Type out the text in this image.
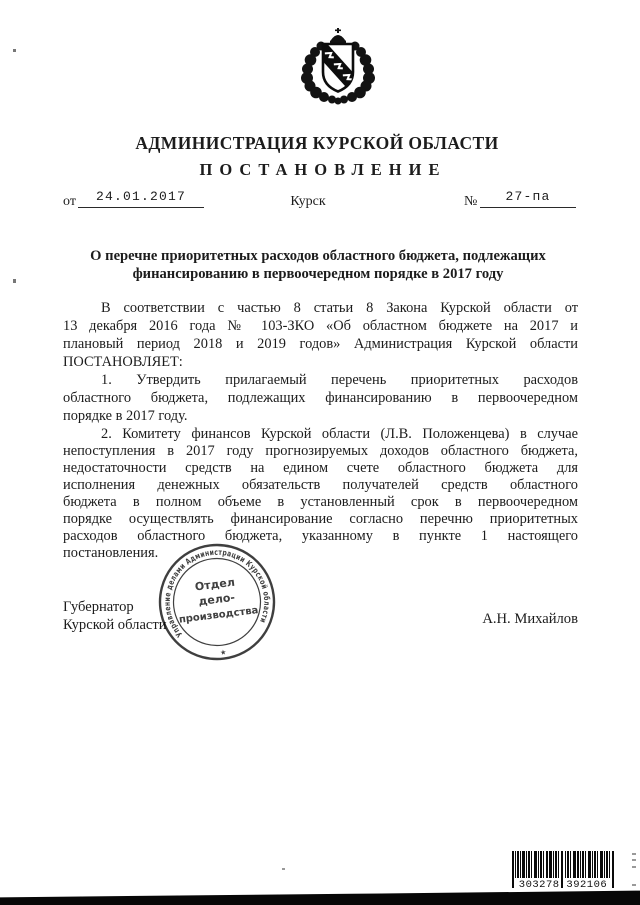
АДМИНИСТРАЦИЯ КУРСКОЙ ОБЛАСТИ
ПОСТАНОВЛЕНИЕ
от	24.01.2017	Курск	№	27-па
О перечне приоритетных расходов областного бюджета, подлежащих
финансированию в первоочередном порядке в 2017 году
В соответствии с частью 8 статьи 8 Закона Курской области от
13 декабря 2016 года № 103-ЗКО «Об областном бюджете на 2017 и
плановый период 2018 и 2019 годов» Администрация Курской области
ПОСТАНОВЛЯЕТ:
1. Утвердить прилагаемый перечень приоритетных расходов
областного бюджета, подлежащих финансированию в первоочередном
порядке в 2017 году.
2. Комитету финансов Курской области (Л.В. Положенцева) в случае
непоступления в 2017 году прогнозируемых доходов областного бюджета,
недостаточности средств на едином счете областного бюджета для
исполнения денежных обязательств получателей средств областного
бюджета в полном объеме в установленный срок в первоочередном
порядке осуществлять финансирование согласно перечню приоритетных
расходов областного бюджета, указанному в пункте 1 настоящего
постановления.
Губернатор
Курской области	А.Н. Михайлов
Управление делами Администрации Курской области
Отдел
дело-
производства
★
303278 392106
